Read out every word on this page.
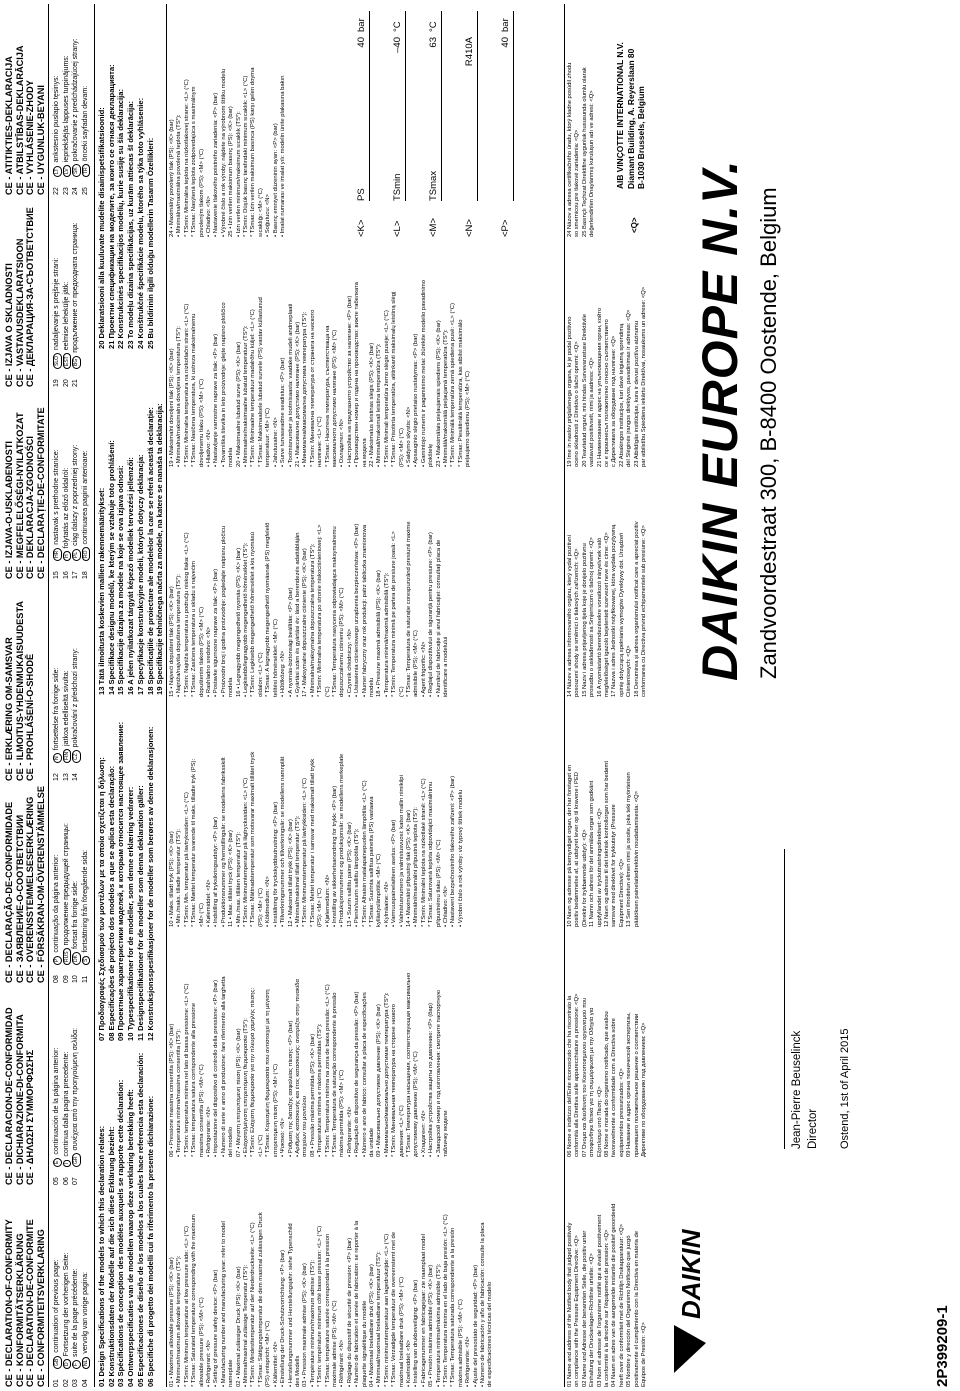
CE - DECLARATION-OF-CONFORMITY CE - KONFORMITÄTSERKLÄRUNG CE - DECLARATION-DE-CONFORMITE CE - CONFORMITEITSVERKLARING
CE - DECLARACION-DE-CONFORMIDAD CE - DICHIARAZIONE-DI-CONFORMITA CE - ΔΗΛΩΣΗ ΣΥΜΜΟΡΦΩΣΗΣ
CE - DECLARAÇÃO-DE-CONFORMIDADE CE - ЗАЯВЛЕНИЕ-О-СООТВЕТСТВИИ CE - OVERENSSTEMMELSESERKLÆRING CE - FÖRSÄKRAN-OM-ÖVERENSTÄMMELSE
CE - ERKLÆRING OM-SAMSVAR CE - ILMOITUS-YHDENMUKAISUUDESTA CE - PROHLÁŠENÍ-O-SHODĚ
CE - IZJAVA-O-USKLAĐENOSTI CE - MEGFELELŐSÉGI-NYILATKOZAT CE - DEKLARACJA-ZGODNOŚCI CE - DECLARAȚIE-DE-CONFORMITATE
CE - IZJAVA O SKLADNOSTI CE - VASTAVUSDEKLARATSIOON CE - ДЕКЛАРАЦИЯ-ЗА-СЪОТВЕТСТВИЕ
CE - ATITIKTIES-DEKLARACIJA CE - ATBILSTĪBAS-DEKLARĀCIJA CE - VYHLÁSENIE-ZHODY CE - UYGUNLUK-BEYANI
01GBcontinuation of previous page:
02DFortsetzung der vorherigen Seite:
03Fsuite de la page précédente:
04NLvervolg van vorige pagina:
05Econtinuación de la página anterior:
06Icontinua dalla pagina precedente:
07GRσυνέχεια από την προηγούμενη σελίδα:
08Pcontinuação da página anterior:
09RUSпродолжение предыдущей страницы:
10DKfortsat fra forrige side:
11Sfortsättning från föregående sida:
12Nfortsettelse fra forrige side:
13FINjatkoa edelliseltä sivulta:
14CZpokračování z předchozí strany:
15HRnastavak s prethodne stranice:
16Hfolytatás az előző oldalról:
17PLciąg dalszy z poprzedniej strony:
18ROcontinuarea paginii anterioare:
19SLOnadaljevanje s prejšnje strani:
20ESTeelmise lehekülje jätk:
21BGпродължение от предходната страница:
22LTankstesnio puslapio tęsinys:
23LViepriekšējās lappuses turpinājums:
24SKpokračovanie z predchádzajúcej strany:
25TRönceki sayfadan devam:
01 Design Specifications of the models to which this declaration relates: 02 Konstruktionsdaten der Modelle auf die sich diese Erklärung bezieht: 03 Spécifications de conception des modèles auxquels se rapporte cette déclaration: 04 Ontwerpspecificaties van de modellen waarop deze verklaring betrekking heeft: 05 Especificaciones de diseño de los modelos a los cuales hace referencia esta declaración: 06 Specifiche di progetto dei modelli cui fa riferimento la presente dichiarazione:
07 Προδιαγραφές Σχεδιασμού των μοντέλων με τα οποία σχετίζεται η δήλωση: 08 Especificações de projecto dos modelos a que se aplica esta declaração: 09 Проектные характеристики моделей, к которым относится настоящее заявление: 10 Typespecifikationer for de modeller, som denne erklæring vedrører: 11 Designspecifikationer för de modeller som denna deklaration gäller: 12 Konstruksjonsspesifikasjoner for de modeller som berøres av denne deklarasjonen:
13 Tätä ilmoitusta koskevien mallien rakennemääritykset: 14 Specifikace designu modelů, ke kterým se vztahuje toto prohlášení: 15 Specifikacije dizajna za modele na koje se ova izjava odnosi: 16 A jelen nyilatkozat tárgyát képező modellek tervezési jellemzői: 17 Specyfikacje konstrukcyjne modeli, których dotyczy deklaracja: 18 Specificațiile de proiectare ale modelelor la care se referă această declarație: 19 Specifikacije tehničnega načrta za modele, na katere se nanaša ta deklaracija:
20 Deklaratsiooni alla kuuluvate mudelite disainispetsifikatsioonid: 21 Проектни спецификации на моделите, за които се отнася декларацията: 22 Konstrukcinės specifikacijos modelių, kurie susiję su šia deklaracija: 23 To modeļu dizaina specifikācijas, uz kurām attiecas šī deklarācija: 24 Konštrukčné špecifikácie modelu, ktorého sa týka toto vyhlásenie: 25 Bu bildirinin ilgili olduğu modellerin Tasarım Özellikleri:
01 • Maximum allowable pressure (PS): <K> (bar) • Minimum/maximum allowable temperature (TS*): * TSmin: Minimum temperature at low pressure side: <L> (°C) * TSmax: Saturated temperature corresponding with the maximum allowable pressure (PS): <M> (°C) • Refrigerant: <N> • Setting of pressure safety device: <P> (bar) • Manufacturing number and manufacturing year: refer to model nameplate 02 • Maximal zulässiger Druck (PS): <K> (bar) • Minimal/maximal zulässige Temperatur (TS*): * TSmin: Mindesttemperatur auf der Niederdruckseite: <L> (°C) * TSmax: Sättigungstemperatur die dem maximal zulässigen Druck (PS) entspricht: <M> (°C) • Kältemittel: <N> • Einstellung der Druck-Schutzvorrichtung: <P> (bar) • Herstellungsnummer und Herstellungsjahr: siehe Typenschild des Modells 03 • Pression maximale admise (PS): <K> (bar) • Température minimum/maximum admise (TS*): * TSmin: température minimum côté basse pression: <L> (°C) * TSmax: température saturée correspondant à la pression maximale admise (PS): <M> (°C) • Réfrigérant: <N> • Réglage du dispositif de sécurité de pression: <P> (bar) • Numéro de fabrication et année de fabrication: se reporter à la plaquette signalétique du modèle 04 • Maximaal toelaatbare druk (PS): <K> (bar) • Minimaal/maximaal toelaatbare temperatuur (TS*): * TSmin: minimumtemperatuur aan lagedrukzijde: <L> (°C) * TSmax: Verzadigde temperatuur die overeenstemt met de maximaal toelaatbare druk (PS): <M> (°C) • Koelmiddel: <N> • Instelling van drukbeveiliging: <P> (bar) • Fabricagenummer en fabricagejaar: zie naamplaat model 05 • Presión máxima admisible (PS): <K> (bar) • Temperatura mínima/máxima admisible (TS*): * TSmin: Temperatura mínima en el lado de baja presión: <L> (°C) * TSmax: Temperatura saturada correspondiente a la presión máxima admisible (PS): <M> (°C) • Refrigerante: <N> • Ajuste del presostato de seguridad: <P> (bar) • Número de fabricación y año de fabricación: consulte la placa de especificaciones técnicas del modelo
06 • Pressione massima consentita (PS): <K> (bar) • Temperatura minima/massima consentita (TS*): * TSmin: temperatura minima nel lato di bassa pressione: <L> (°C) * TSmax: temperatura satura corrispondente alla pressione massima consentita (PS): <M> (°C) • Refrigerante: <N> • Impostazione del dispositivo di controllo della pressione: <P> (bar) • Numero di serie e anno di produzione: fare riferimento alla targhetta del modello 07 • Μέγιστη επιτρεπόμενη πίεση (PS): <K> (bar) • Ελάχιστη/μέγιστη επιτρεπόμενη θερμοκρασία (TS*): * TSmin: Ελάχιστη θερμοκρασία για την πλευρά χαμηλής πίεσης: <L> (°C) * TSmax: Κορεσμένη θερμοκρασία που αντιστοιχεί με τη μέγιστη επιτρεπόμενη πίεση (PS): <M> (°C) • Ψυκτικό: <N> • Ρύθμιση της διάταξης ασφαλείας πίεσης: <P> (bar) • Αριθμός κατασκευής και έτος κατασκευής: ανατρέξτε στην πινακίδα στοιχείων του μοντέλου 08 • Pressão máxima permitida (PS): <K> (bar) • Temperaturas mínima e máxima permitidas (TS*): * TSmin: Temperatura mínima na zona de baixa pressão: <L> (°C) * TSmax: Temperatura de saturação correspondente à pressão máxima permitida (PS): <M> (°C) • Refrigerante: <N> • Regulação do dispositivo de segurança da pressão: <P> (bar) • Número e ano de fabrico: consultar a placa de especificações da unidade 09 • Максимально допустимое давление (PS): <K> (bar) • Минимально/максимально допустимая температура (TS*): * TSmin: Минимальная температура на стороне низкого давления: <L> (°C) * TSmax: Температура насыщения, соответствующая максимально допустимому давлению (PS): <M> (°C) • Хладагент: <N> • Настройка устройства защиты по давлению: <P> (бар) • Заводской номер и год изготовления: смотрите паспортную табличку модели
10 • Maks. tilladt tryk (PS): <K> (bar) • Min./maks. tilladte temperatur (TS*): * TSmin: Min. temperatur på lavtrykssiden: <L> (°C) * TSmax: Mættet temperatur svarende til maks. tilladte tryk (PS): <M> (°C) • Kølemiddel: <N> • Indstilling af tryksikringsudstyr: <P> (bar) • Produktionsnummer og fremstillingsår: se modellens fabriksskilt 11 • Max. tillåtet tryck (PS): <K> (bar) • Min./max. tillåten temperatur (TS*): * TSmin: Minimumtemperatur på lågtryckssidan: <L> (°C) * TSmax: Mättnadstemperatur som motsvarar maximalt tillåtet tryck (PS): <M> (°C) • Köldmedium: <N> • Inställning för tryckskyddsutrustning: <P> (bar) • Tillverkningsnummer och tillverkningsår: se modellens namnplåt 12 • Maksimalt tillatt trykk (PS): <K> (bar) • Minimal/maksimal tillatt temperatur (TS*): * TSmin: Minimumstemperatur på lavtrykksiden: <L> (°C) * TSmax: Mettet temperatur i samsvar med maksimalt tillatt trykk (PS): <M> (°C) • Kjølemedium: <N> • Innstilling av sikkerhetsanordning for trykk: <P> (bar) • Produksjonsnummer og produksjonsår: se modellens merkeplate 13 • Suurin sallittu paine (PS): <K> (bar) • Pienin/suurin sallittu lämpötila (TS*): * TSmin: Alhaisin matalapainepuolen lämpötila: <L> (°C) * TSmax: Suurinta sallittua painetta (PS) vastaava kyllästyslämpötila: <M> (°C) • Kylmäaine: <N> • Varmuuspainelaitteen asetus: <P> (bar) • Valmistusnumero ja valmistusvuosi: katso mallin nimikilpi 14 • Maximální přípustný tlak (PS): <K> (bar) • Minimální/maximální přípustná teplota (TS*): * TSmin: Minimální teplota na nízkotlaké straně: <L> (°C) * TSmax: Saturovaná teplota odpovídající maximálnímu přípustnému tlaku (PS): <M> (°C) • Chladivo: <N> • Nastavení bezpečnostního tlakového zařízení: <P> (bar) • Výrobní číslo a rok výroby: viz typový štítek modelu
15 • Najveći dopušteni tlak (PS): <K> (bar) • Najniža/najviša dopuštena temperatura (TS*): * TSmin: Najniža temperatura u području niskog tlaka: <L> (°C) * TSmax: Zasićena temperatura u skladu s najvećim dopuštenim tlakom (PS): <M> (°C) • Rashladno sredstvo: <N> • Postavke sigurnosne naprave za tlak: <P> (bar) • Proizvodni broj i godina proizvodnje: pogledajte natpisnu pločicu modela 16 • Legnagyobb megengedhető nyomás (PS): <K> (bar) • Legkisebb/legnagyobb megengedhető hőmérséklet (TS*): * TSmin: Legkisebb megengedhető hőmérséklet a kis nyomású oldalon: <L> (°C) * TSmax: A legnagyobb megengedhető nyomásnak (PS) megfelelő telítési hőmérséklet: <M> (°C) • Hűtőközeg: <N> • A nyomás-biztonsági beállítás: <P> (bar) • Gyártási szám és gyártási év: lásd a berendezés adattábláján 17 • Maksymalne dopuszczalne ciśnienie (PS): <K> (bar) • Minimalna/maksymalna dopuszczalna temperatura (TS*): * TSmin: Minimalna temperatura po stronie niskociśnieniowej: <L> (°C) * TSmax: Temperatura nasycenia odpowiadająca maksymalnemu dopuszczalnemu ciśnieniu (PS): <M> (°C) • Czynnik chłodniczy: <N> • Ustawienia ciśnieniowego urządzenia bezpieczeństwa: <P> (bar) • Numer fabryczny oraz rok produkcji: patrz tabliczka znamionowa modelu 18 • Presiune maximă admisibilă (PS): <K> (bar) • Temperatura minimă/maximă admisibilă (TS*): * TSmin: Temperatura minimă pe partea de presiune joasă: <L> (°C) * TSmax: Temperatura de saturație corespunzând presiunii maxime admisibile (PS): <M> (°C) • Agent frigorific: <N> • Reglajul dispozitivului de siguranță pentru presiune: <P> (bar) • Numărul de fabricație și anul fabricației: consultați placa de identificare a modelului
19 • Maksimalni dovoljeni tlak (PS): <K> (bar) • Minimalna/maksimalna dovoljena temperatura (TS*): * TSmin: Minimalna temperatura na nizkotlačni strani: <L> (°C) * TSmax: Nasičena temperatura, ki ustreza maksimalnemu dovoljenemu tlaku (PS): <M> (°C) • Hladivo: <N> • Nastavljanje varnostne naprave za tlak: <P> (bar) • Tovarniška številka in leto proizvodnje: glejte napisno ploščico modela 20 • Maksimaalne lubatud surve (PS): <K> (bar) • Minimaalne/maksimaalne lubatud temperatuur (TS*): * TSmin: Minimaalne temperatuur madalrõhu küljel: <L> (°C) * TSmax: Maksimaalsele lubatud survele (PS) vastav küllastunud temperatuur: <M> (°C) • Jahutusaine: <N> • Surve turvaseadme seadistus: <P> (bar) • Tootmisnumber ja tootmisaasta: vaadake mudeli andmeplaati 21 • Максимално допустимо налягане (PS): <K> (bar) • Минимална/максимална допустима температура (TS*): * TSmin: Минимална температура от страната на ниското налягане: <L> (°C) * TSmax: Наситена температура, съответстваща на максималното допустимо налягане (PS): <M> (°C) • Охладител: <N> • Настройка на предпазното устройство за налягане: <P> (bar) • Производствен номер и година на производство: вижте табелката на модела 22 • Maksimalus leistinas slėgis (PS): <K> (bar) • Minimali/maksimali leistina temperatūra (TS*): * TSmin: Minimali temperatūra žemo slėgio pusėje: <L> (°C) * TSmax: Prisotinta temperatūra, atitinkanti maksimalų leistiną slėgį (PS): <M> (°C) • Šaldymo skystis: <N> • Apsauginio slėgio prietaiso nustatymas: <P> (bar) • Gamintojo numeris ir pagaminimo metai: žiūrėkite modelio pavadinimo plokštelę 23 • Maksimālais pieļaujamais spiediens (PS): <K> (bar) • Minimālā/maksimālā pieļaujamā temperatūra (TS*): * TSmin: Minimālā temperatūra zemā spiediena pusē: <L> (°C) * TSmax: Piesātinātā temperatūra, kas atbilst maksimālo pieļaujamo spiedienu (PS): <M> (°C)
24 • Maximálny povolený tlak (PS): <K> (bar) • Minimálna/maximálna povolená teplota (TS*): * TSmin: Minimálna teplota na nízkotlakovej strane: <L> (°C) * TSmax: Nasýtená teplota zodpovedajúca s maximálnym povoleným tlakom (PS): <M> (°C) • Chladivo: <N> • Nastavenie tlakového poistného zariadenia: <P> (bar) • Výrobné číslo a rok výroby: nájdete na výrobnom štítku modelu 25 • İzin verilen maksimum basınç (PS): <K> (bar) • İzin verilen minimum/maksimum sıcaklık (TS*): * TSmin: Düşük basınç tarafındaki minimum sıcaklık: <L> (°C) * TSmax: İzin verilen maksimum basınca (PS) karşı gelen doyma sıcaklığı: <M> (°C) • Soğutucu: <N> • Basınç emniyet düzeninin ayarı: <P> (bar) • İmalat numarası ve imalat yılı: modelin ünite plakasına bakın	<K>
PS
40
bar
<L>
TSmin
–40
°C
<M>
TSmax
63
°C
<N>
R410A
<P>
40
bar
01 Name and address of the Notified body that judged positively on compliance with the Pressure Equipment Directive: <Q> 02 Name und Adresse der benannten Stelle, die positiv unter Einhaltung der Druckanlagen-Richtlinie urteilte: <Q> 03 Nom et adresse de l'organisme notifié qui a évalué positivement la conformité à la directive sur l'équipement de pression: <Q> 04 Naam en adres van de aangemelde instantie die positief geoordeeld heeft over de conformiteit met de Richtlijn Drukapparatuur: <Q> 05 Nombre y dirección del Organismo Notificado que juzgó positivamente el cumplimiento con la Directiva en materia de Equipos de Presión: <Q>
06 Nome e indirizzo dell'Ente riconosciuto che ha riscontrato la conformità alla Direttiva sulle apparecchiature a pressione: <Q> 07 Όνομα και διεύθυνση του Κοινοποιημένου οργανισμού που αποφάνθηκε θετικά για τη συμμόρφωση με την Οδηγία για Εξοπλισμό υπό Πίεση: <Q> 08 Nome e morada do organismo notificado, que avaliou favoravelmente a conformidade com a Directiva sobre equipamentos pressurizados: <Q> 09 Название и адрес органа технической экспертизы, принявшего положительное решение о соответствии Директиве по оборудованию под давлением: <Q>
10 Navn og adresse på bemyndiget organ, der har foretaget en positiv bedømmelse af, at udstyret lever op til kravene i PED (Direktiv for trykbærende udstyr): <Q> 11 Namn och adress för det anmälda organ som godkänt uppfyllandet av tryckutrustningsdirektivet: <Q> 12 Navn og adresse til det teknisk kontrollorgan som har bedømt samsvar med direktivet for trykkutstyr (Pressure Equipment Directive): <Q> 13 Sen ilmoitetun elimen nimi ja osoite, joka teki myönteisen päätöksen painelaitedirektiivin noudattamisesta: <Q>
14 Název a adresa informovaného orgánu, který vydal pozitivní posouzení shody se směrnicí o tlakových zařízeních: <Q> 15 Naziv i adresa prijavljenog tijela koje je donijelo pozitivnu prosudbu o usklađenosti sa Smjernicom o tlačnoj opremi: <Q> 16 A nyomástartó berendezésekre vonatkozó irányelvnek való megfelelőséget igazoló bejelentett szervezet neve és címe: <Q> 17 Nazwa i adres Jednostki notyfikowanej, która wydała pozytywną opinię dotyczącą spełniania wymogów Dyrektywy dot. Urządzeń Ciśnieniowych: <Q> 18 Denumirea și adresa organismului notificat care a apreciat pozitiv conformarea cu Directiva privind echipamentele sub presiune: <Q>
19 Ime in naslov priglašenega organa, ki je podal pozitivno oceno skladnosti z Direktivo o tlačni opremi: <Q> 20 Teavitatud organi, mis hindas Survevarustuse Direktiivile vastavust positiivselt, nimi ja aadress: <Q> 21 Наименование и адрес на упълномощения орган, който се е произнесъл положително относно съответствието с Директивата за оборудване под налягане: <Q> 22 Atsakingos institucijos, kuri davė teigiamą sprendimą dėl Slėginės įrangos direktyvos, pavadinimas ir adresas: <Q> 23 Atbildīgās institūcijas, kura ir devusi pozitīvu atzinumu par atbilstību Spiediena iekārtu Direktīvai, nosaukums un adrese: <Q>
24 Názov a adresa certifikačného úradu, ktorý kladne posúdil zhodu so smernicou pre tlakové zariadenia: <Q> 25 Basınçlı Teçhizat Direktifine uygunluk hususunda olumlu olarak değerlendirilen Onaylanmış kuruluşun adı ve adresi: <Q>	<Q>
AIB VINÇOTTE INTERNATIONAL N.V. Diamant Building, A. Reyerslaan 80 B-1030 Brussels, Belgium
DAIKIN
2P399209-1
Jean-Pierre Beuselinck Director Ostend, 1st of April 2015
DAIKIN EUROPE N.V. Zandvoordestraat 300, B-8400 Oostende, Belgium
